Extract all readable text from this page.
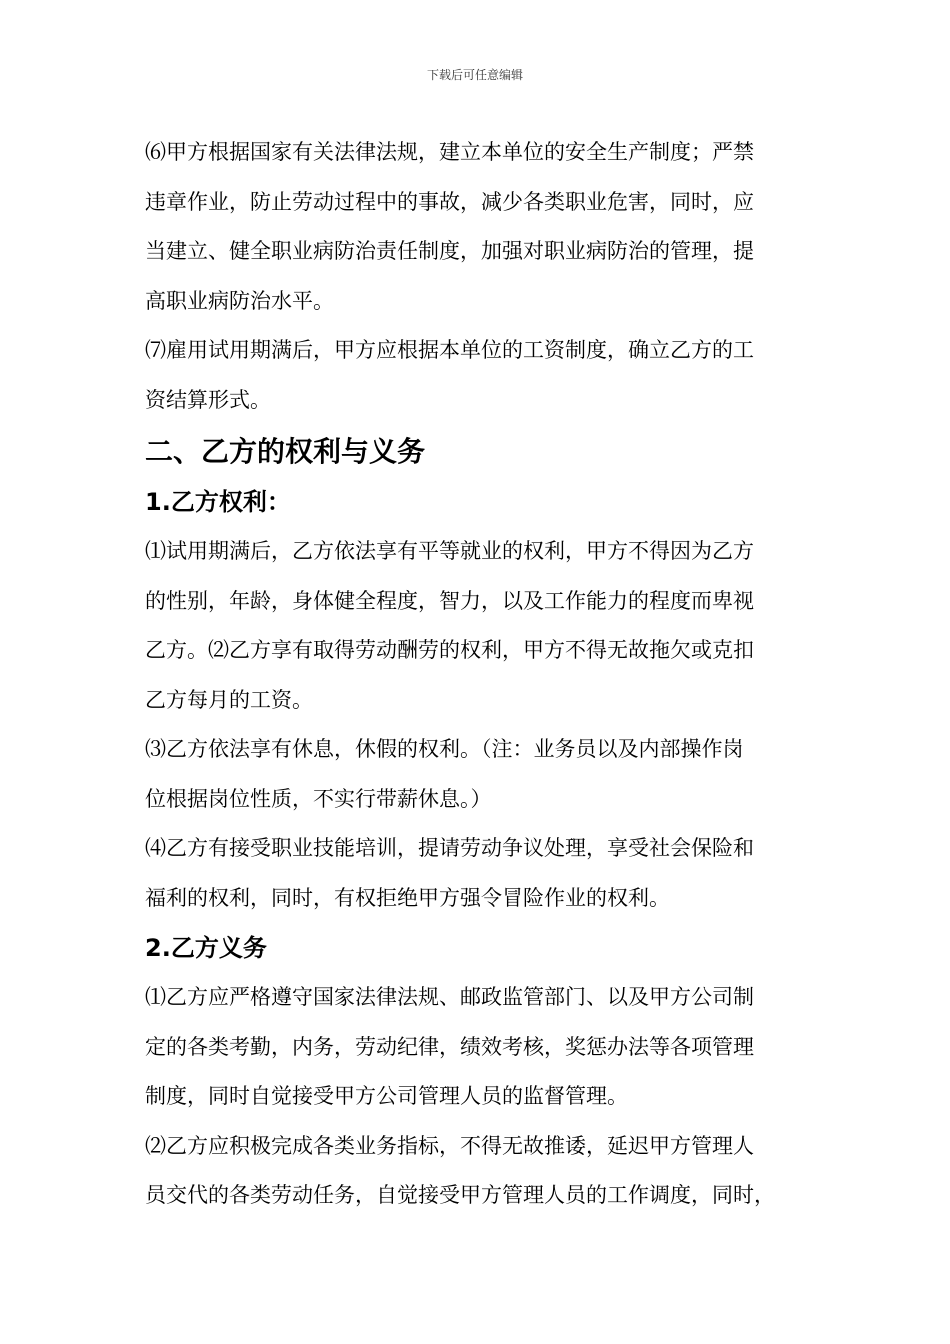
下载后可任意编辑

⑹甲方根据国家有关法律法规，建立本单位的安全生产制度；严禁
违章作业，防止劳动过程中的事故，减少各类职业危害，同时，应
当建立、健全职业病防治责任制度，加强对职业病防治的管理，提
高职业病防治水平。

⑺雇用试用期满后，甲方应根据本单位的工资制度，确立乙方的工
资结算形式。

二、乙方的权利与义务
1.乙方权利：

⑴试用期满后，乙方依法享有平等就业的权利，甲方不得因为乙方
的性别，年龄，身体健全程度，智力，以及工作能力的程度而卑视
乙方。⑵乙方享有取得劳动酬劳的权利，甲方不得无故拖欠或克扣
乙方每月的工资。

⑶乙方依法享有休息，休假的权利。（注：业务员以及内部操作岗
位根据岗位性质，不实行带薪休息。）

⑷乙方有接受职业技能培训，提请劳动争议处理，享受社会保险和
福利的权利，同时，有权拒绝甲方强令冒险作业的权利。

2.乙方义务

⑴乙方应严格遵守国家法律法规、邮政监管部门、以及甲方公司制
定的各类考勤，内务，劳动纪律，绩效考核，奖惩办法等各项管理
制度，同时自觉接受甲方公司管理人员的监督管理。

⑵乙方应积极完成各类业务指标，不得无故推诿，延迟甲方管理人
员交代的各类劳动任务，自觉接受甲方管理人员的工作调度，同时，
